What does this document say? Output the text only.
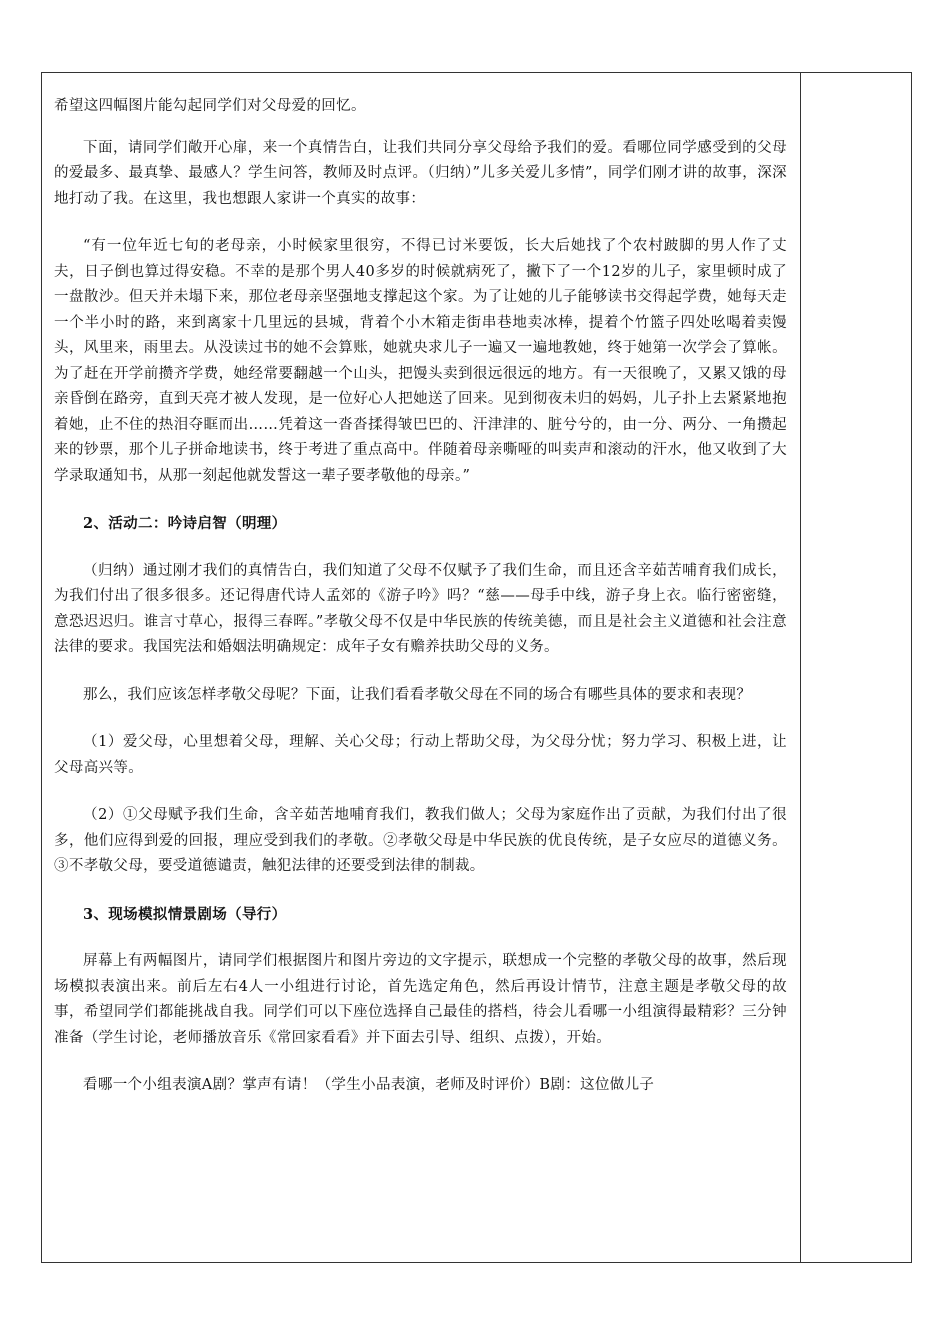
希望这四幅图片能勾起同学们对父母爱的回忆。

下面，请同学们敞开心扉，来一个真情告白，让我们共同分享父母给予我们的爱。看哪位同学感受到的父母的爱最多、最真挚、最感人？学生问答，教师及时点评。（归纳）”儿多关爱儿多情”，同学们刚才讲的故事，深深地打动了我。在这里，我也想跟人家讲一个真实的故事：

“有一位年近七旬的老母亲，小时候家里很穷，不得已讨米要饭，长大后她找了个农村跛脚的男人作了丈夫，日子倒也算过得安稳。不幸的是那个男人40多岁的时候就病死了，撇下了一个12岁的儿子，家里顿时成了一盘散沙。但天并未塌下来，那位老母亲坚强地支撑起这个家。为了让她的儿子能够读书交得起学费，她每天走一个半小时的路，来到离家十几里远的县城，背着个小木箱走街串巷地卖冰棒，提着个竹篮子四处吆喝着卖馒头，风里来，雨里去。从没读过书的她不会算账，她就央求儿子一遍又一遍地教她，终于她第一次学会了算帐。为了赶在开学前攒齐学费，她经常要翻越一个山头，把馒头卖到很远很远的地方。有一天很晚了，又累又饿的母亲昏倒在路旁，直到天亮才被人发现，是一位好心人把她送了回来。见到彻夜未归的妈妈，儿子扑上去紧紧地抱着她，止不住的热泪夺眶而出……凭着这一沓沓揉得皱巴巴的、汗津津的、脏兮兮的，由一分、两分、一角攒起来的钞票，那个儿子拼命地读书，终于考进了重点高中。伴随着母亲嘶哑的叫卖声和滚动的汗水，他又收到了大学录取通知书，从那一刻起他就发誓这一辈子要孝敬他的母亲。”

2、活动二：吟诗启智（明理）

（归纳）通过刚才我们的真情告白，我们知道了父母不仅赋予了我们生命，而且还含辛茹苦哺育我们成长，为我们付出了很多很多。还记得唐代诗人孟郊的《游子吟》吗？“慈——母手中线，游子身上衣。临行密密缝，意恐迟迟归。谁言寸草心，报得三春晖。”孝敬父母不仅是中华民族的传统美德，而且是社会主义道德和社会注意法律的要求。我国宪法和婚姻法明确规定：成年子女有赡养扶助父母的义务。

那么，我们应该怎样孝敬父母呢？下面，让我们看看孝敬父母在不同的场合有哪些具体的要求和表现？

（1）爱父母，心里想着父母，理解、关心父母；行动上帮助父母，为父母分忧；努力学习、积极上进，让父母高兴等。

（2）①父母赋予我们生命，含辛茹苦地哺育我们，教我们做人；父母为家庭作出了贡献，为我们付出了很多，他们应得到爱的回报，理应受到我们的孝敬。②孝敬父母是中华民族的优良传统，是子女应尽的道德义务。③不孝敬父母，要受道德谴责，触犯法律的还要受到法律的制裁。

3、现场模拟情景剧场（导行）

屏幕上有两幅图片，请同学们根据图片和图片旁边的文字提示，联想成一个完整的孝敬父母的故事，然后现场模拟表演出来。前后左右4人一小组进行讨论，首先选定角色，然后再设计情节，注意主题是孝敬父母的故事，希望同学们都能挑战自我。同学们可以下座位选择自己最佳的搭档，待会儿看哪一小组演得最精彩？三分钟准备（学生讨论，老师播放音乐《常回家看看》并下面去引导、组织、点拨），开始。

看哪一个小组表演A剧？掌声有请！（学生小品表演，老师及时评价）B剧：这位做儿子
